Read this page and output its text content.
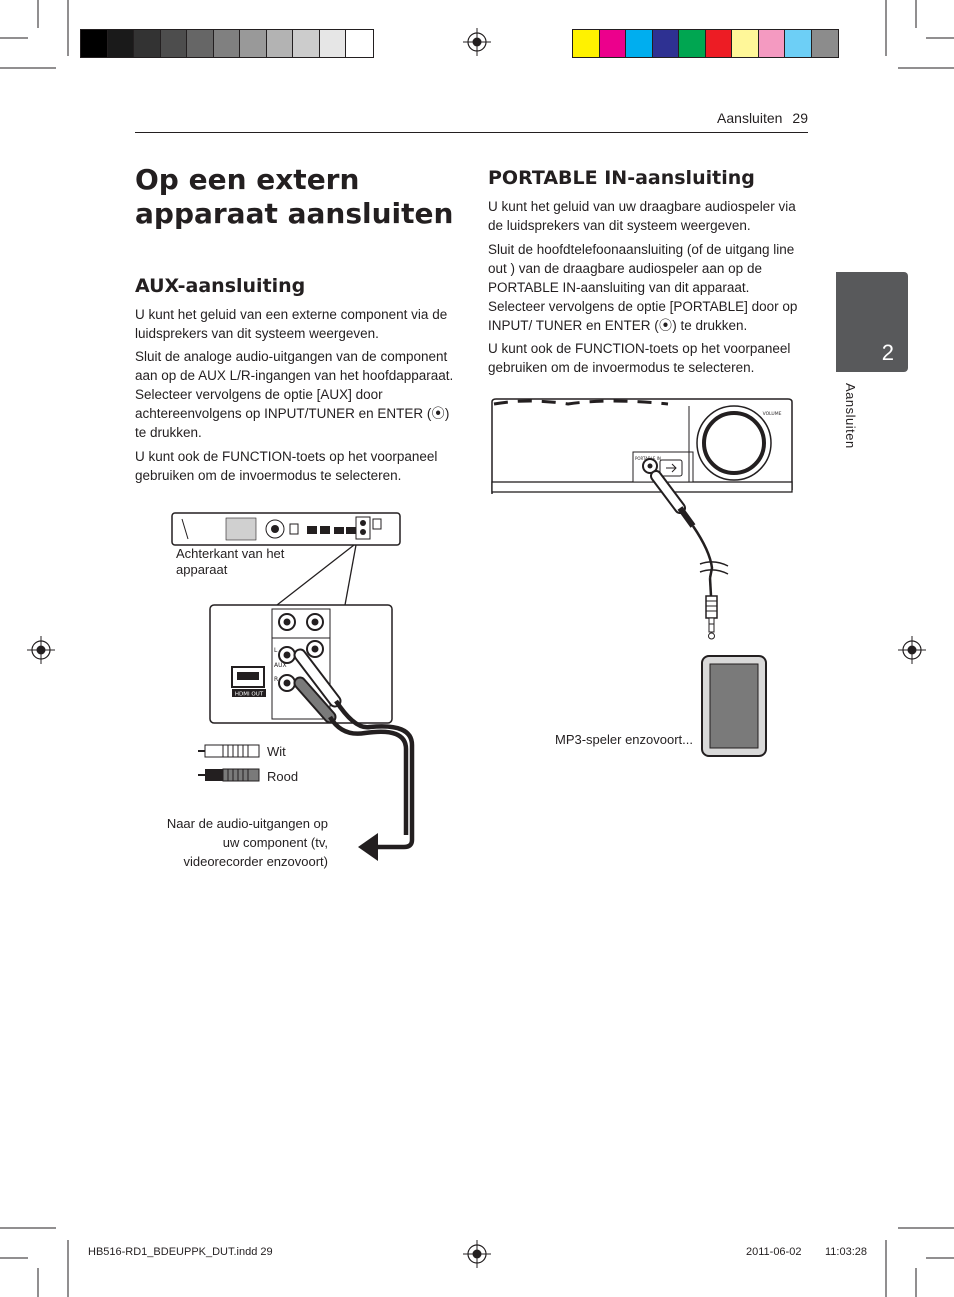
Aansluiten 29
Op een extern apparaat aansluiten
AUX-aansluiting

U kunt het geluid van een externe component via de luidsprekers van dit systeem weergeven.

Sluit de analoge audio-uitgangen van de component aan op de AUX L/R-ingangen van het hoofdapparaat. Selecteer vervolgens de optie [AUX] door achtereenvolgens op INPUT/TUNER en ENTER (⦿) te drukken.

U kunt ook de FUNCTION-toets op het voorpaneel gebruiken om de invoermodus te selecteren.

PORTABLE IN-aansluiting

U kunt het geluid van uw draagbare audiospeler via de luidsprekers van dit systeem weergeven.

Sluit de hoofdtelefoonaansluiting (of de uitgang line out ) van de draagbare audiospeler aan op de PORTABLE IN-aansluiting van dit apparaat. Selecteer vervolgens de optie [PORTABLE] door op INPUT/ TUNER en ENTER (⦿) te drukken.

U kunt ook de FUNCTION-toets op het voorpaneel gebruiken om de invoermodus te selecteren.

2
Aansluiten
HDMI OUT
L
AUX
R
Achterkant van het apparaat
Wit
Rood
Naar de audio-uitgangen op uw component (tv, videorecorder enzovoort)
VOLUME
PORTABLE IN
MP3-speler enzovoort...
HB516-RD1_BDEUPPK_DUT.indd 29	2011-06-02 11:03:28
